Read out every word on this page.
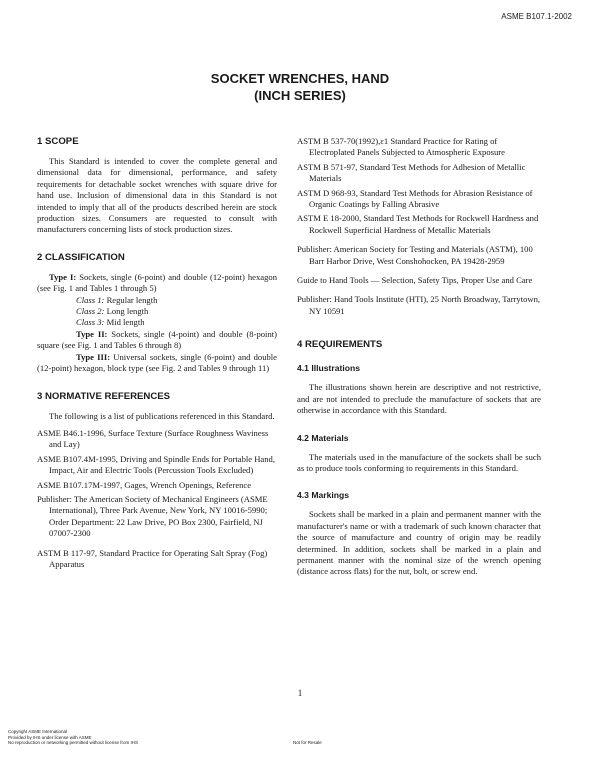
ASME B107.1-2002
SOCKET WRENCHES, HAND
(INCH SERIES)
1 SCOPE

This Standard is intended to cover the complete general and dimensional data for dimensional, performance, and safety requirements for detachable socket wrenches with square drive for hand use. Inclusion of dimensional data in this Standard is not intended to imply that all of the products described herein are stock production sizes. Consumers are requested to consult with manufacturers concerning lists of stock production sizes.

2 CLASSIFICATION

Type I: Sockets, single (6-point) and double (12-point) hexagon (see Fig. 1 and Tables 1 through 5)

Class 1: Regular length
Class 2: Long length
Class 3: Mid length

Type II: Sockets, single (4-point) and double (8-point) square (see Fig. 1 and Tables 6 through 8)

Type III: Universal sockets, single (6-point) and double (12-point) hexagon, block type (see Fig. 2 and Tables 9 through 11)

3 NORMATIVE REFERENCES

The following is a list of publications referenced in this Standard.

ASME B46.1-1996, Surface Texture (Surface Roughness Waviness and Lay)

ASME B107.4M-1995, Driving and Spindle Ends for Portable Hand, Impact, Air and Electric Tools (Percussion Tools Excluded)

ASME B107.17M-1997, Gages, Wrench Openings, Reference

Publisher: The American Society of Mechanical Engineers (ASME International), Three Park Avenue, New York, NY 10016-5990; Order Department: 22 Law Drive, PO Box 2300, Fairfield, NJ 07007-2300

ASTM B 117-97, Standard Practice for Operating Salt Spray (Fog) Apparatus

ASTM B 537-70(1992),ε1 Standard Practice for Rating of Electroplated Panels Subjected to Atmospheric Exposure

ASTM B 571-97, Standard Test Methods for Adhesion of Metallic Materials

ASTM D 968-93, Standard Test Methods for Abrasion Resistance of Organic Coatings by Falling Abrasive

ASTM E 18-2000, Standard Test Methods for Rockwell Hardness and Rockwell Superficial Hardness of Metallic Materials

Publisher: American Society for Testing and Materials (ASTM), 100 Barr Harbor Drive, West Conshohocken, PA 19428-2959

Guide to Hand Tools — Selection, Safety Tips, Proper Use and Care

Publisher: Hand Tools Institute (HTI), 25 North Broadway, Tarrytown, NY 10591

4 REQUIREMENTS
4.1 Illustrations

The illustrations shown herein are descriptive and not restrictive, and are not intended to preclude the manufacture of sockets that are otherwise in accordance with this Standard.

4.2 Materials

The materials used in the manufacture of the sockets shall be such as to produce tools conforming to requirements in this Standard.

4.3 Markings

Sockets shall be marked in a plain and permanent manner with the manufacturer's name or with a trademark of such known character that the source of manufacture and country of origin may be readily determined. In addition, sockets shall be marked in a plain and permanent manner with the nominal size of the wrench opening (distance across flats) for the nut, bolt, or screw end.

1
Copyright ASME International
Provided by IHS under license with ASME
No reproduction or networking permitted without license from IHS	Not for Resale
